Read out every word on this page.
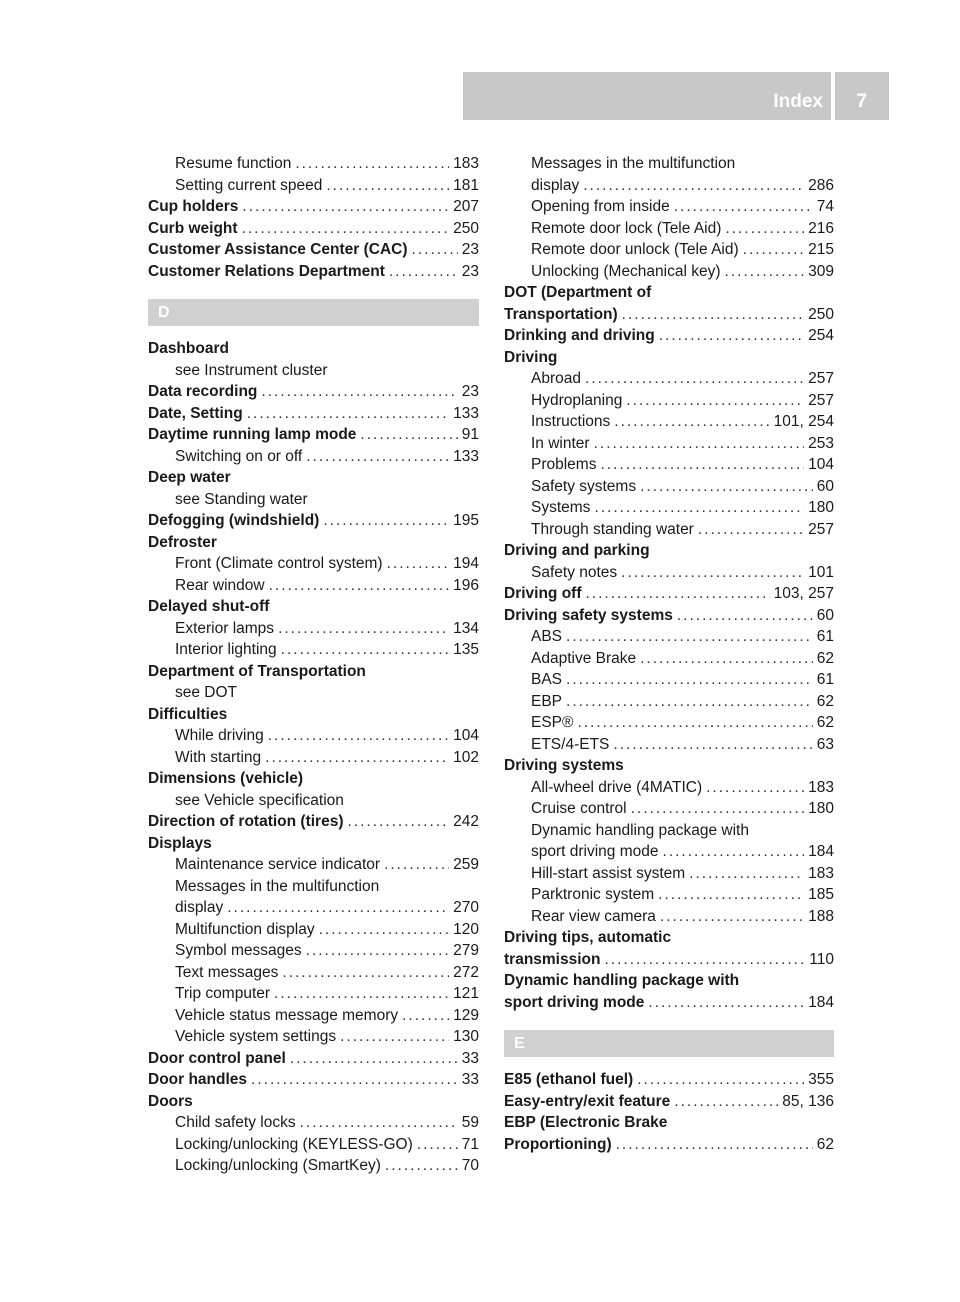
Index 7
Resume function .....	183
Setting current speed .....	181
Cup holders .....	207
Curb weight .....	250
Customer Assistance Center (CAC) .....	23
Customer Relations Department .....	23
D
Dashboard
see Instrument cluster
Data recording .....	23
Date, Setting .....	133
Daytime running lamp mode .....	91
Switching on or off .....	133
Deep water
see Standing water
Defogging (windshield) .....	195
Defroster
Front (Climate control system) .....	194
Rear window .....	196
Delayed shut-off
Exterior lamps .....	134
Interior lighting .....	135
Department of Transportation
see DOT
Difficulties
While driving .....	104
With starting .....	102
Dimensions (vehicle)
see Vehicle specification
Direction of rotation (tires) .....	242
Displays
Maintenance service indicator .....	259
Messages in the multifunction
display .....	270
Multifunction display .....	120
Symbol messages .....	279
Text messages .....	272
Trip computer .....	121
Vehicle status message memory .....	129
Vehicle system settings .....	130
Door control panel .....	33
Door handles .....	33
Doors
Child safety locks .....	59
Locking/unlocking (KEYLESS-GO) .....	71
Locking/unlocking (SmartKey) .....	70
Messages in the multifunction
display .....	286
Opening from inside .....	74
Remote door lock (Tele Aid) .....	216
Remote door unlock (Tele Aid) .....	215
Unlocking (Mechanical key) .....	309
DOT (Department of
Transportation) .....	250
Drinking and driving .....	254
Driving
Abroad .....	257
Hydroplaning .....	257
Instructions .....	101, 254
In winter .....	253
Problems .....	104
Safety systems .....	60
Systems .....	180
Through standing water .....	257
Driving and parking
Safety notes .....	101
Driving off .....	103, 257
Driving safety systems .....	60
ABS .....	61
Adaptive Brake .....	62
BAS .....	61
EBP .....	62
ESP® .....	62
ETS/4-ETS .....	63
Driving systems
All-wheel drive (4MATIC) .....	183
Cruise control .....	180
Dynamic handling package with
sport driving mode .....	184
Hill-start assist system .....	183
Parktronic system .....	185
Rear view camera .....	188
Driving tips, automatic
transmission .....	110
Dynamic handling package with
sport driving mode .....	184
E
E85 (ethanol fuel) .....	355
Easy-entry/exit feature .....	85, 136
EBP (Electronic Brake
Proportioning) .....	62
